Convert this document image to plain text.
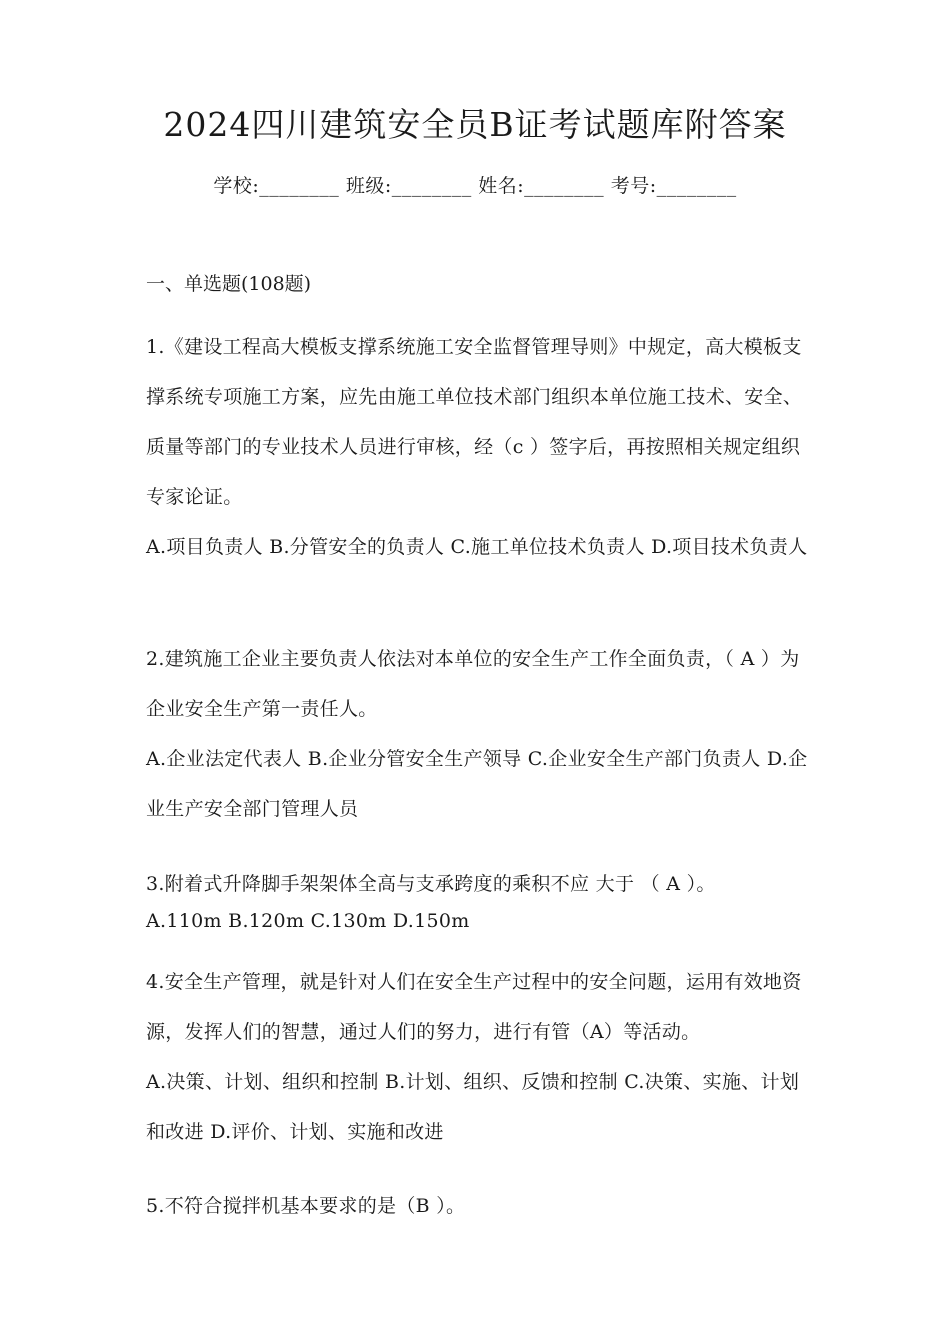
2024四川建筑安全员B证考试题库附答案
学校:________ 班级:________ 姓名:________ 考号:________
一、单选题(108题)

1.《建设工程高大模板支撑系统施工安全监督管理导则》中规定，高大模板支撑系统专项施工方案，应先由施工单位技术部门组织本单位施工技术、安全、质量等部门的专业技术人员进行审核，经（c ）签字后，再按照相关规定组织专家论证。

A.项目负责人 B.分管安全的负责人 C.施工单位技术负责人 D.项目技术负责人

2.建筑施工企业主要负责人依法对本单位的安全生产工作全面负责，（ A ）为企业安全生产第一责任人。

A.企业法定代表人 B.企业分管安全生产领导 C.企业安全生产部门负责人 D.企业生产安全部门管理人员

3.附着式升降脚手架架体全高与支承跨度的乘积不应 大于 （ A ）。

A.110m B.120m C.130m D.150m

4.安全生产管理，就是针对人们在安全生产过程中的安全问题，运用有效地资源，发挥人们的智慧，通过人们的努力，进行有管（A）等活动。

A.决策、计划、组织和控制 B.计划、组织、反馈和控制 C.决策、实施、计划和改进 D.评价、计划、实施和改进

5.不符合搅拌机基本要求的是（B ）。
